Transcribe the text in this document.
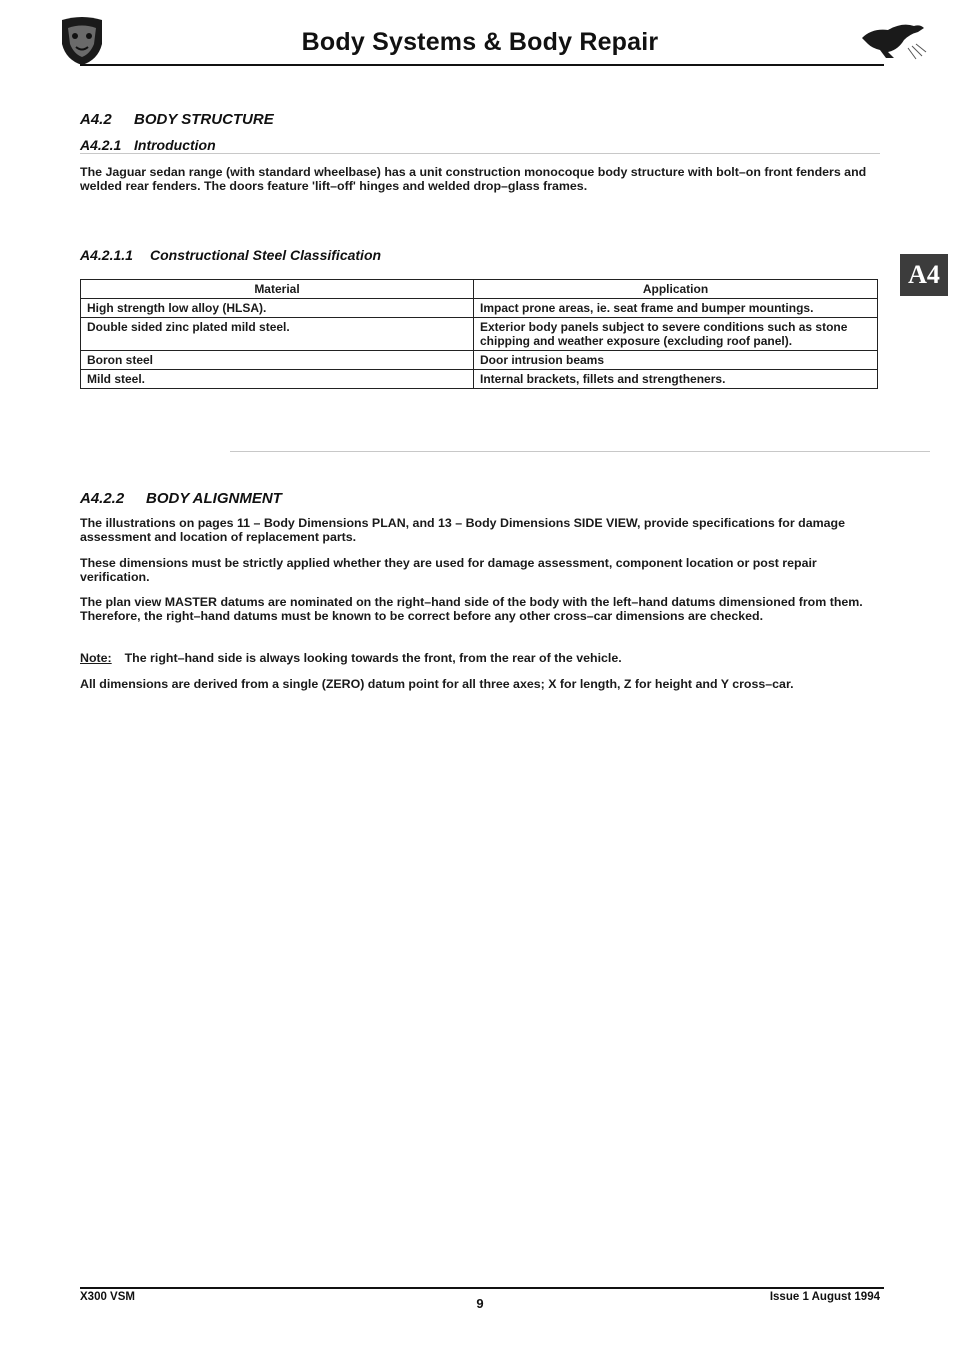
Body Systems & Body Repair
A4
A4.2 BODY STRUCTURE
A4.2.1 Introduction
The Jaguar sedan range (with standard wheelbase) has a unit construction monocoque body structure with bolt–on front fenders and welded rear fenders. The doors feature 'lift–off' hinges and welded drop–glass frames.
A4.2.1.1 Constructional Steel Classification
Material	Application
High strength low alloy (HLSA).	Impact prone areas, ie. seat frame and bumper mountings.
Double sided zinc plated mild steel.	Exterior body panels subject to severe conditions such as stone chipping and weather exposure (excluding roof panel).
Boron steel	Door intrusion beams
Mild steel.	Internal brackets, fillets and strengtheners.
A4.2.2 BODY ALIGNMENT
The illustrations on pages 11 – Body Dimensions PLAN, and 13 – Body Dimensions SIDE VIEW, provide specifications for damage assessment and location of replacement parts.
These dimensions must be strictly applied whether they are used for damage assessment, component location or post repair verification.
The plan view MASTER datums are nominated on the right–hand side of the body with the left–hand datums dimensioned from them. Therefore, the right–hand datums must be known to be correct before any other cross–car dimensions are checked.
Note: The right–hand side is always looking towards the front, from the rear of the vehicle.
All dimensions are derived from a single (ZERO) datum point for all three axes; X for length, Z for height and Y cross–car.
X300 VSM	9	Issue 1 August 1994
